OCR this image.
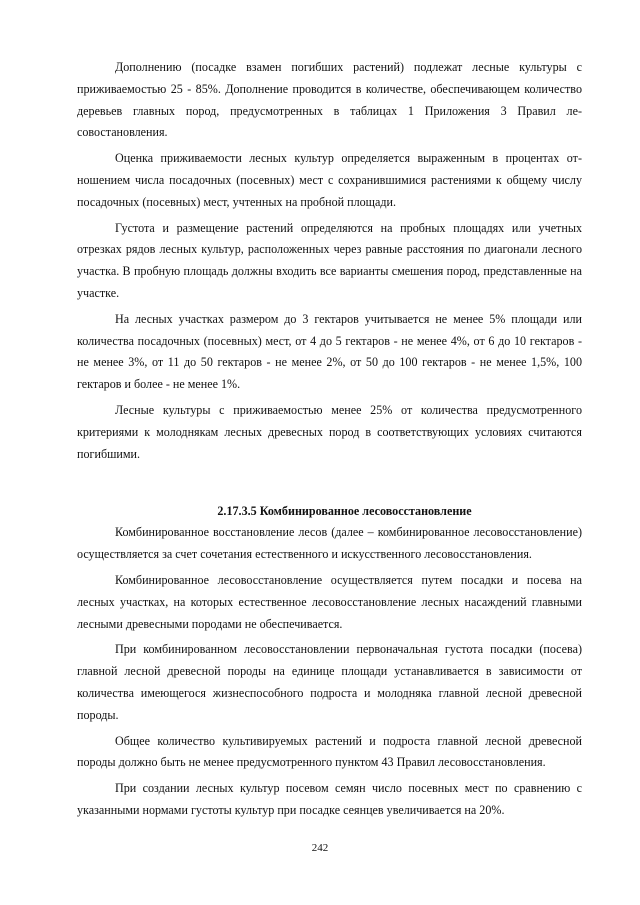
Дополнению (посадке взамен погибших растений) подлежат лесные культуры с приживаемостью 25 - 85%. Дополнение проводится в количестве, обеспечивающем количество деревьев главных пород, предусмотренных в таблицах 1 Приложения 3 Правил лесовостановления.

Оценка приживаемости лесных культур определяется выраженным в процентах отношением числа посадочных (посевных) мест с сохранившимися растениями к общему числу посадочных (посевных) мест, учтенных на пробной площади.

Густота и размещение растений определяются на пробных площадях или учетных отрезках рядов лесных культур, расположенных через равные расстояния по диагонали лесного участка. В пробную площадь должны входить все варианты смешения пород, представленные на участке.

На лесных участках размером до 3 гектаров учитывается не менее 5% площади или количества посадочных (посевных) мест, от 4 до 5 гектаров - не менее 4%, от 6 до 10 гектаров - не менее 3%, от 11 до 50 гектаров - не менее 2%, от 50 до 100 гектаров - не менее 1,5%, 100 гектаров и более - не менее 1%.

Лесные культуры с приживаемостью менее 25% от количества предусмотренного критериями к молоднякам лесных древесных пород в соответствующих условиях считаются погибшими.

2.17.3.5 Комбинированное лесовосстановление

Комбинированное восстановление лесов (далее – комбинированное лесовосстановление) осуществляется за счет сочетания естественного и искусственного лесовосстановления.

Комбинированное лесовосстановление осуществляется путем посадки и посева на лесных участках, на которых естественное лесовосстановление лесных насаждений главными лесными древесными породами не обеспечивается.

При комбинированном лесовосстановлении первоначальная густота посадки (посева) главной лесной древесной породы на единице площади устанавливается в зависимости от количества имеющегося жизнеспособного подроста и молодняка главной лесной древесной породы.

Общее количество культивируемых растений и подроста главной лесной древесной породы должно быть не менее предусмотренного пунктом 43 Правил лесовосстановления.

При создании лесных культур посевом семян число посевных мест по сравнению с указанными нормами густоты культур при посадке сеянцев увеличивается на 20%.

242
